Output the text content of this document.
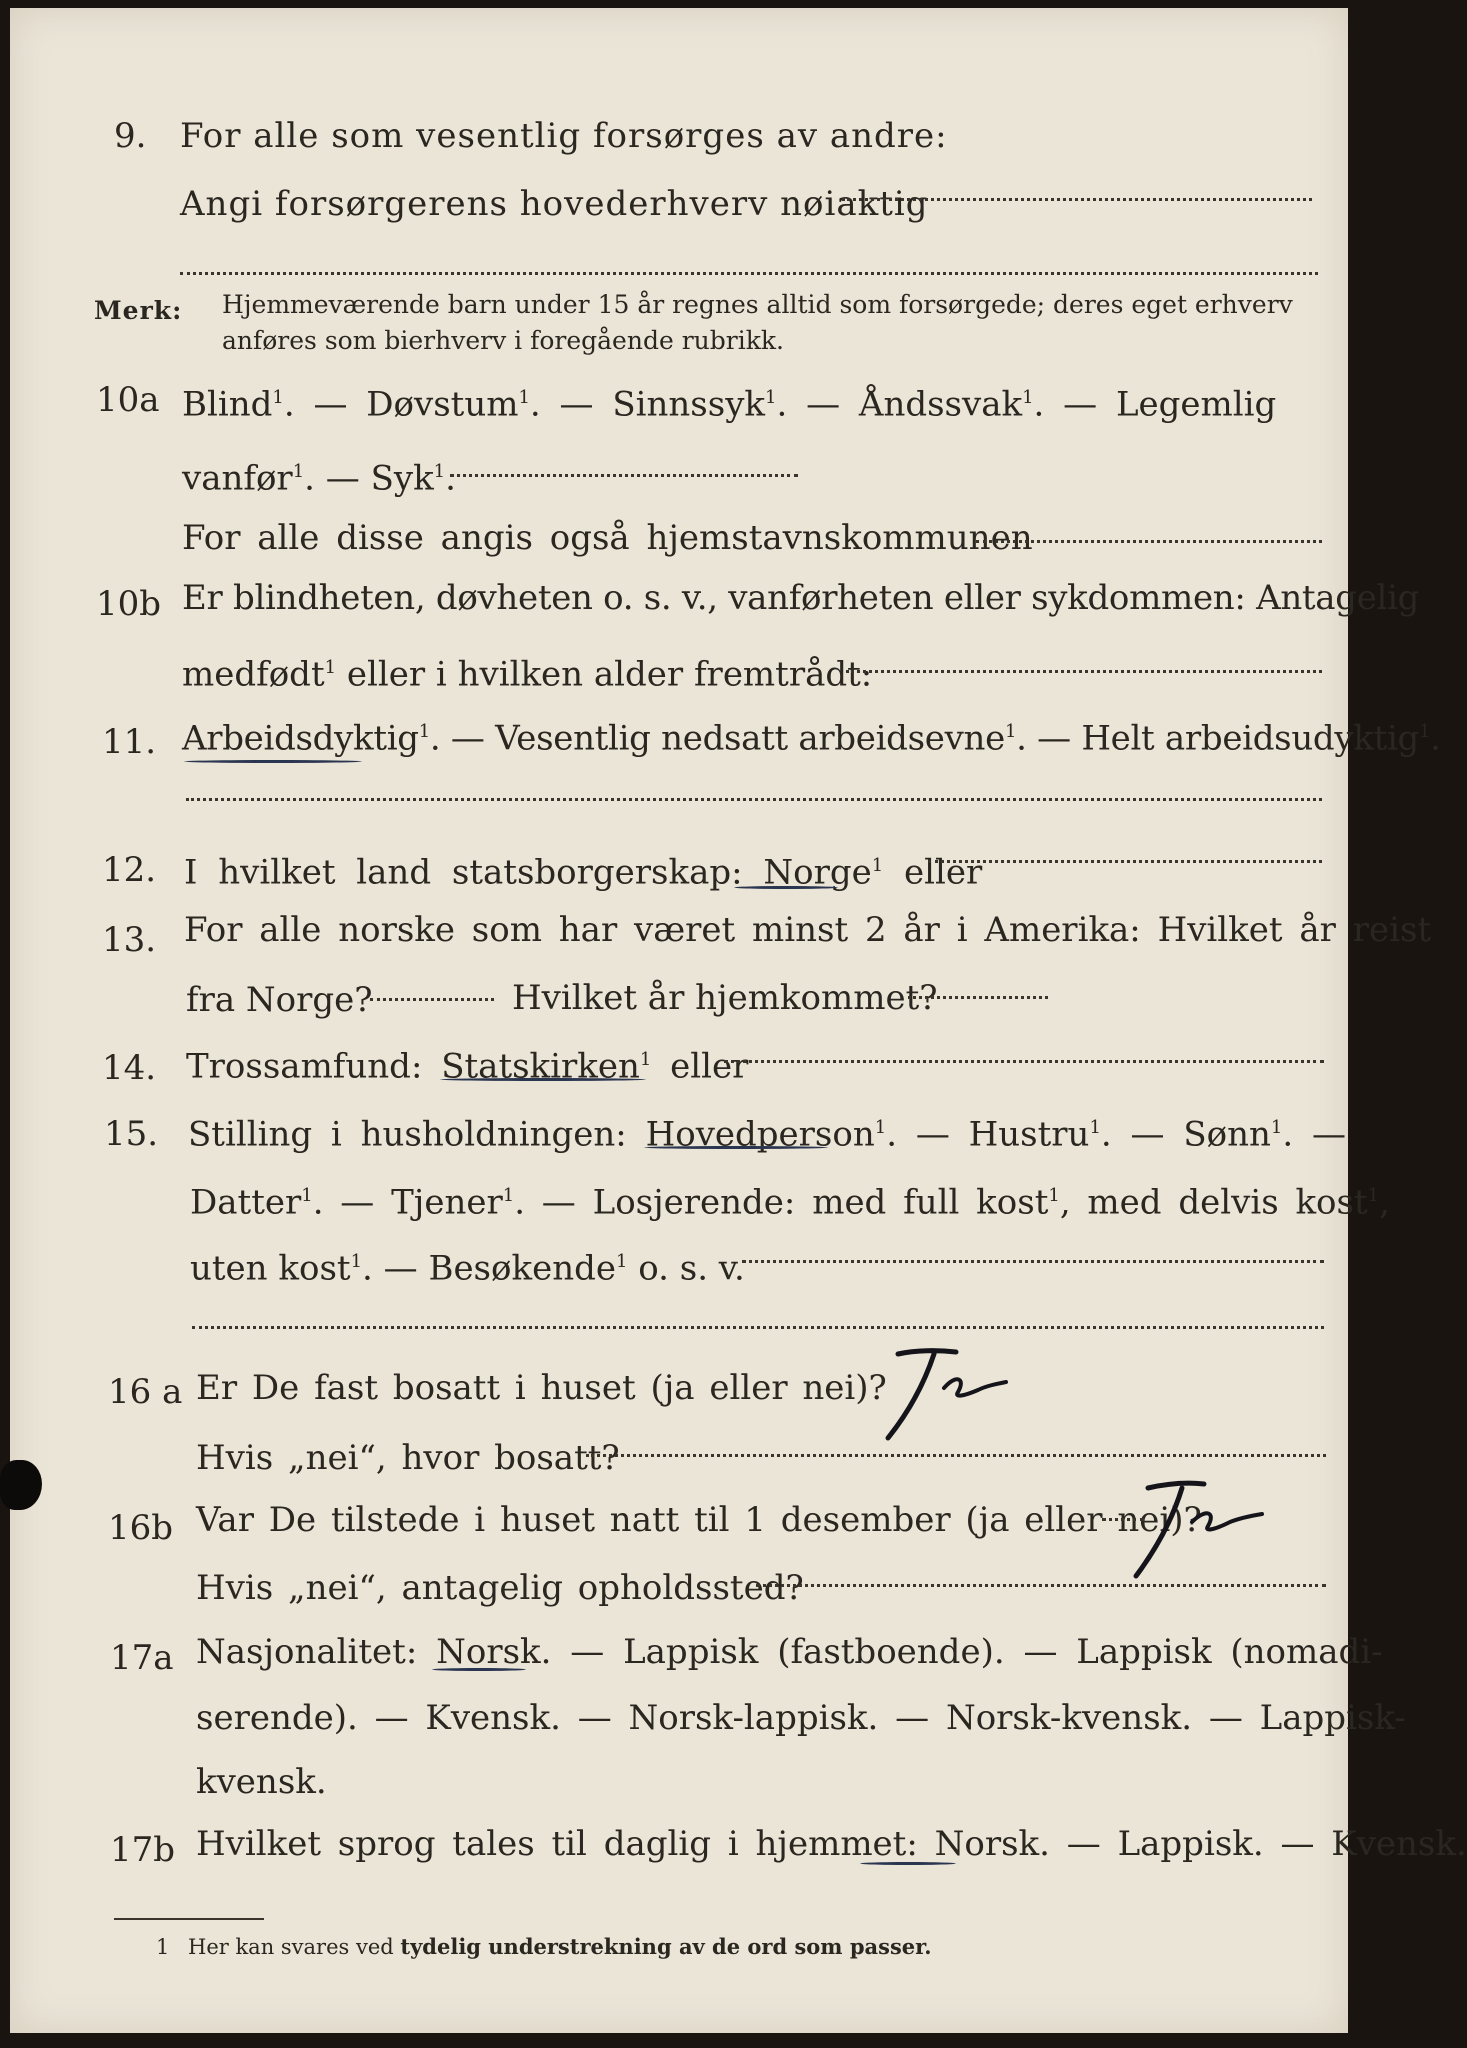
9. For alle som vesentlig forsørges av andre:
Angi forsørgerens hovederhverv nøiaktig
Merk: Hjemmeværende barn under 15 år regnes alltid som forsørgede; deres eget erhverv
anføres som bierhverv i foregående rubrikk.
10a Blind$^1$. — Døvstum$^1$. — Sinnssyk$^1$. — Åndssvak$^1$. — Legemlig
vanfør$^1$. — Syk$^1$.
For alle disse angis også hjemstavnskommunen
10b Er blindheten, døvheten o. s. v., vanførheten eller sykdommen: Antagelig
medfødt$^1$ eller i hvilken alder fremtrådt:
11. Arbeidsdyktig$^1$. — Vesentlig nedsatt arbeidsevne$^1$. — Helt arbeidsudyktig$^1$.
12. I hvilket land statsborgerskap: Norge$^1$ eller
13. For alle norske som har været minst 2 år i Amerika: Hvilket år reist
fra Norge?	Hvilket år hjemkommet?
14. Trossamfund: Statskirken$^1$ eller
15. Stilling i husholdningen: Hovedperson$^1$. — Hustru$^1$. — Sønn$^1$. —
Datter$^1$. — Tjener$^1$. — Losjerende: med full kost$^1$, med delvis kost$^1$,
uten kost$^1$. — Besøkende$^1$ o. s. v.
16 a Er De fast bosatt i huset (ja eller nei)?
Hvis „nei“, hvor bosatt?
16b Var De tilstede i huset natt til 1 desember (ja eller nei)?
Hvis „nei“, antagelig opholdssted?
17a Nasjonalitet: Norsk. — Lappisk (fastboende). — Lappisk (nomadi-
serende). — Kvensk. — Norsk-lappisk. — Norsk-kvensk. — Lappisk-
kvensk.
17b Hvilket sprog tales til daglig i hjemmet: Norsk. — Lappisk. — Kvensk.
1 Her kan svares ved tydelig understrekning av de ord som passer.
